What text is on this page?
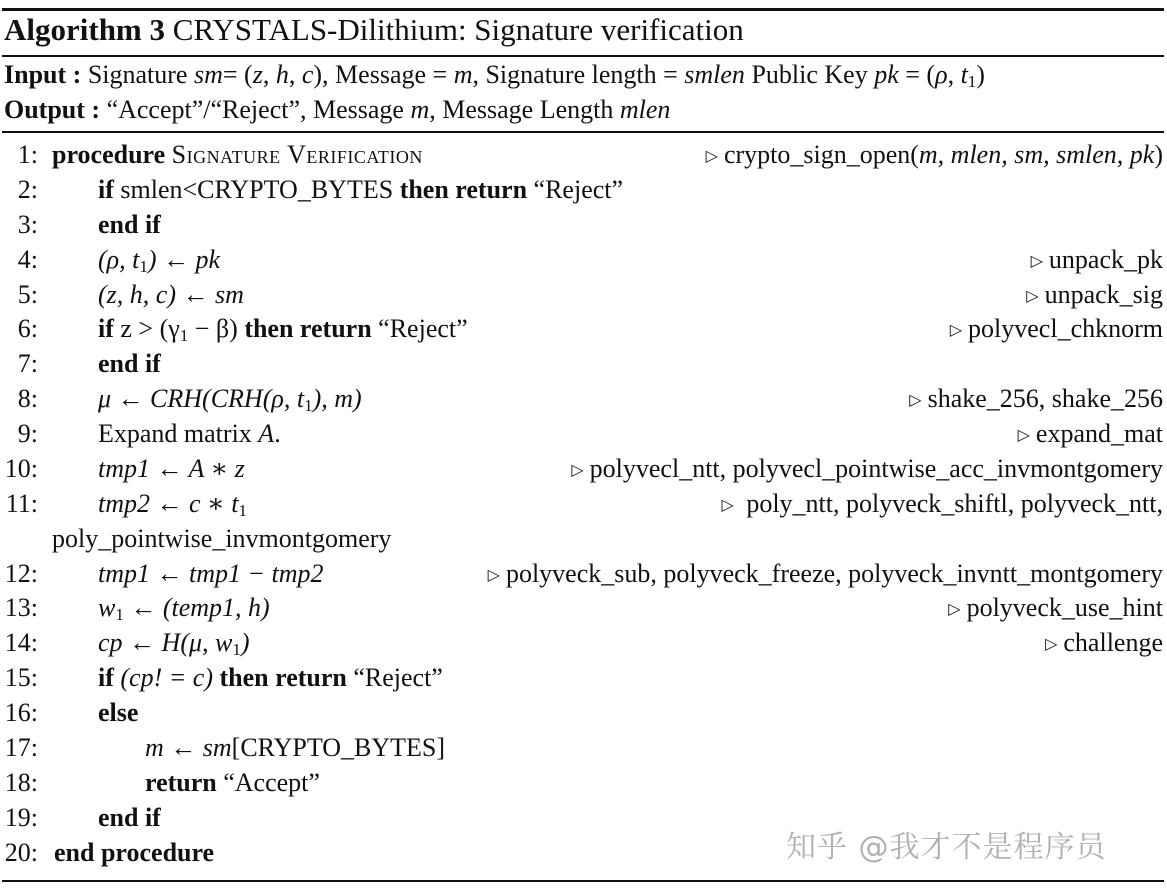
Algorithm 3 CRYSTALS-Dilithium: Signature verification
Input : Signature sm= (z, h, c), Message = m, Signature length = smlen Public Key pk = (ρ, $t_1$)
Output : “Accept”/“Reject”, Message m, Message Length mlen
1: procedure Signature Verification	▷ crypto_sign_open(m, mlen, sm, smlen, pk)
2: if smlen<CRYPTO_BYTES then return “Reject”
3: end if
4: (ρ, $t_1$) ← pk	▷ unpack_pk
5: (z, h, c) ← sm	▷ unpack_sig
6: if $z > (\gamma_1 - \beta)$ then return “Reject”	▷ polyvecl_chknorm
7: end if
8: μ ← CRH(CRH(ρ, $t_1$), m)	▷ shake_256, shake_256
9: Expand matrix A.	▷ expand_mat
10: tmp1 ← A ∗ z	▷ polyvecl_ntt, polyvecl_pointwise_acc_invmontgomery
11: tmp2 ← c ∗ $t_1$	▷ poly_ntt, polyveck_shiftl, polyveck_ntt,
poly_pointwise_invmontgomery
12: tmp1 ← tmp1 − tmp2	▷ polyveck_sub, polyveck_freeze, polyveck_invntt_montgomery
13: $w_1$ ← (temp1, h)	▷ polyveck_use_hint
14: cp ← H(μ, $w_1$)	▷ challenge
15: if (cp! = c) then return “Reject”
16: else
17:	m ← sm[CRYPTO_BYTES]
18:	return “Accept”
19: end if
20: end procedure	知乎 @我才不是程序员
